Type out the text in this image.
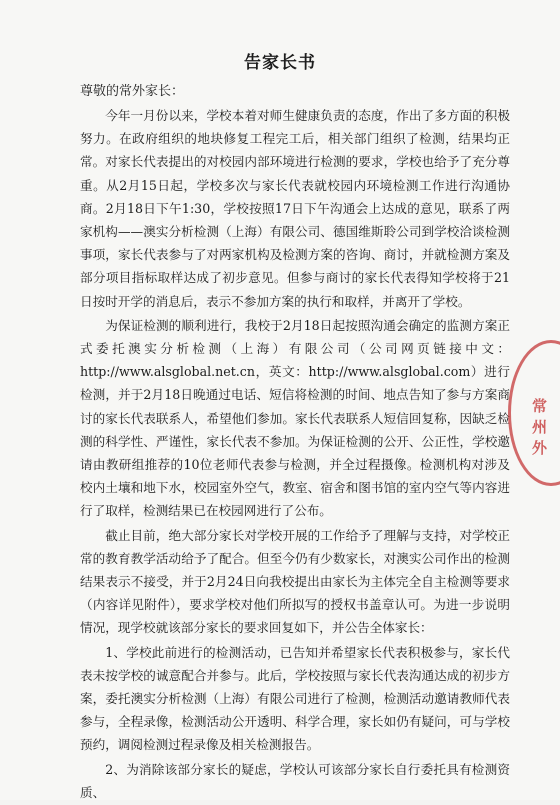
告家长书
尊敬的常外家长：

今年一月份以来，学校本着对师生健康负责的态度，作出了多方面的积极努力。在政府组织的地块修复工程完工后，相关部门组织了检测，结果均正常。对家长代表提出的对校园内部环境进行检测的要求，学校也给予了充分尊重。从2月15日起，学校多次与家长代表就校园内环境检测工作进行沟通协商。2月18日下午1:30，学校按照17日下午沟通会上达成的意见，联系了两家机构——澳实分析检测（上海）有限公司、德国维斯聆公司到学校洽谈检测事项，家长代表参与了对两家机构及检测方案的咨询、商讨，并就检测方案及部分项目指标取样达成了初步意见。但参与商讨的家长代表得知学校将于21日按时开学的消息后，表示不参加方案的执行和取样，并离开了学校。

为保证检测的顺利进行，我校于2月18日起按照沟通会确定的监测方案正式委托澳实分析检测（上海）有限公司（公司网页链接中文：http://www.alsglobal.net.cn，英文：http://www.alsglobal.com）进行检测，并于2月18日晚通过电话、短信将检测的时间、地点告知了参与方案商讨的家长代表联系人，希望他们参加。家长代表联系人短信回复称，因缺乏检测的科学性、严谨性，家长代表不参加。为保证检测的公开、公正性，学校邀请由教研组推荐的10位老师代表参与检测，并全过程摄像。检测机构对涉及校内土壤和地下水，校园室外空气，教室、宿舍和图书馆的室内空气等内容进行了取样，检测结果已在校园网进行了公布。

截止目前，绝大部分家长对学校开展的工作给予了理解与支持，对学校正常的教育教学活动给予了配合。但至今仍有少数家长，对澳实公司作出的检测结果表示不接受，并于2月24日向我校提出由家长为主体完全自主检测等要求（内容详见附件），要求学校对他们所拟写的授权书盖章认可。为进一步说明情况，现学校就该部分家长的要求回复如下，并公告全体家长：

1、学校此前进行的检测活动，已告知并希望家长代表积极参与，家长代表未按学校的诚意配合并参与。此后，学校按照与家长代表沟通达成的初步方案，委托澳实分析检测（上海）有限公司进行了检测，检测活动邀请教师代表参与，全程录像，检测活动公开透明、科学合理，家长如仍有疑问，可与学校预约，调阅检测过程录像及相关检测报告。

2、为消除该部分家长的疑虑，学校认可该部分家长自行委托具有检测资质、

常州外
